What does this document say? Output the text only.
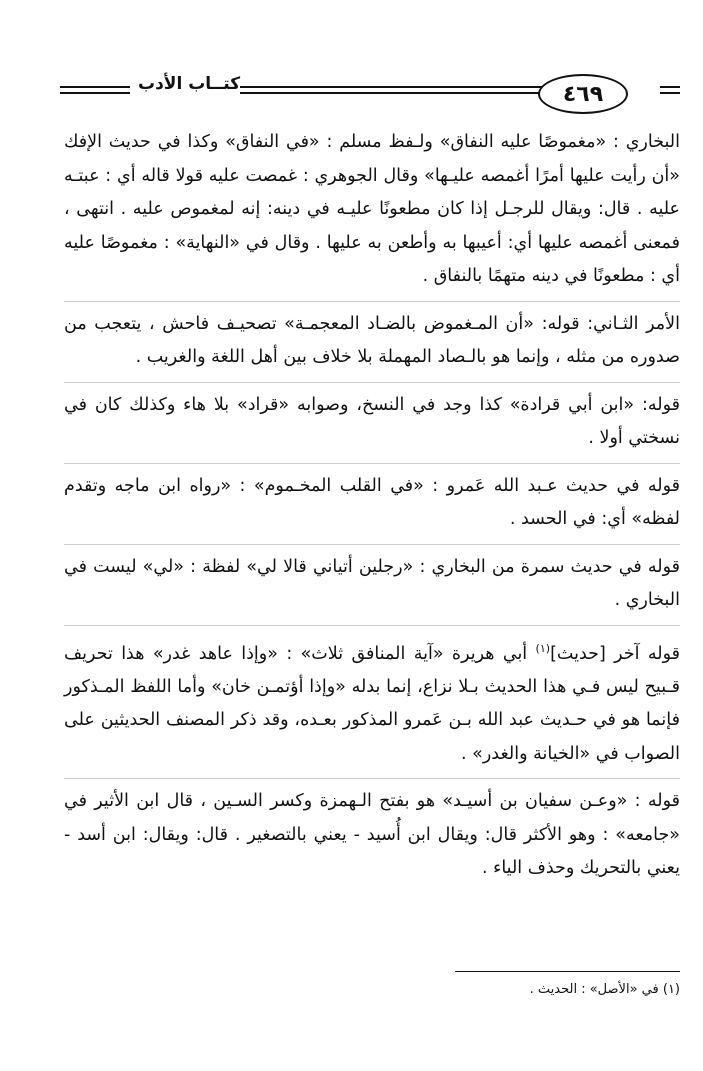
كتــاب الأدب	٤٦٩

البخاري : «مغموصًا عليه النفاق» ولـفظ مسلم : «في النفاق» وكذا في حديث الإفك «أن رأيت عليها أمرًا أغمصه عليـها» وقال الجوهري : غمصت عليه قولا قاله أي : عبتـه عليه . قال: ويقال للرجـل إذا كان مطعونًا عليـه في دينه: إنه لمغموص عليه . انتهى ، فمعنى أغمصه عليها أي: أعيبها به وأطعن به عليها . وقال في «النهاية» : مغموصًا عليه أي : مطعونًا في دينه متهمًا بالنفاق .

الأمر الثـاني: قوله: «أن المـغموض بالضـاد المعجمـة» تصحيـف فاحش ، يتعجب من صدوره من مثله ، وإنما هو بالـصاد المهملة بلا خلاف بين أهل اللغة والغريب .

قوله: «ابن أبي قرادة» كذا وجد في النسخ، وصوابه «قراد» بلا هاء وكذلك كان في نسختي أولا .

قوله في حديث عـبد الله عَمرو : «في القلب المخـموم» : «رواه ابن ماجه وتقدم لفظه» أي: في الحسد .

قوله في حديث سمرة من البخاري : «رجلين أتياني قالا لي» لفظة : «لي» ليست في البخاري .

قوله آخر [حديث]$^{(١)}$ أبي هريرة «آية المنافق ثلاث» : «وإذا عاهد غدر» هذا تحريف قـبيح ليس فـي هذا الحديث بـلا نزاع، إنما بدله «وإذا أؤتمـن خان» وأما اللفظ المـذكور فإنما هو في حـديث عبد الله بـن عَمرو المذكور بعـده، وقد ذكر المصنف الحديثين على الصواب في «الخيانة والغدر» .

قوله : «وعـن سفيان بن أسيـد» هو بفتح الـهمزة وكسر السـين ، قال ابن الأثير في «جامعه» : وهو الأكثر قال: ويقال ابن أُسيد - يعني بالتصغير . قال: ويقال: ابن أسد - يعني بالتحريك وحذف الياء .

(١) في «الأصل» : الحديث .
